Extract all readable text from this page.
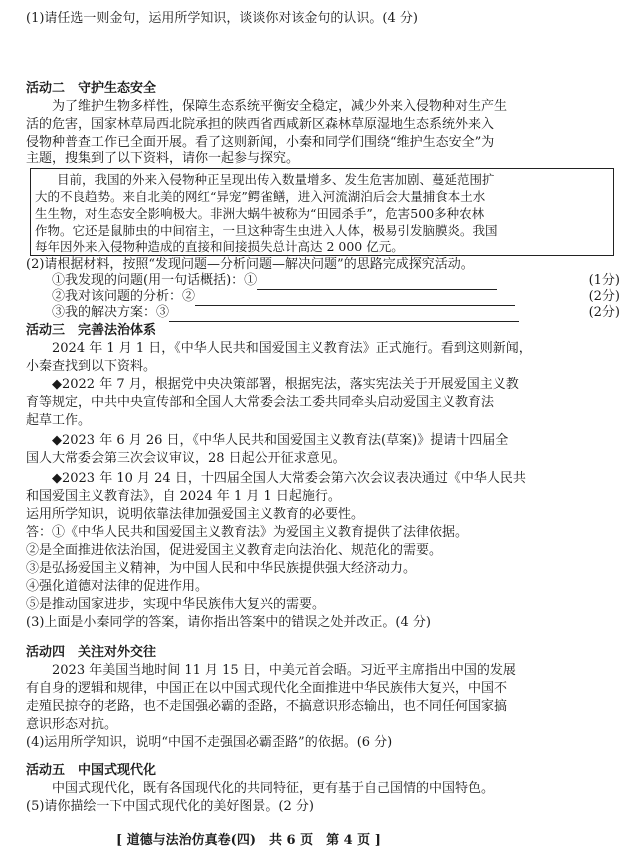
(1)请任选一则金句，运用所学知识，谈谈你对该金句的认识。(4 分)
活动二　守护生态安全
为了维护生物多样性，保障生态系统平衡安全稳定，减少外来入侵物种对生产生
活的危害，国家林草局西北院承担的陕西省西咸新区森林草原湿地生态系统外来入
侵物种普查工作已全面开展。看了这则新闻，小秦和同学们围绕“维护生态安全”为
主题，搜集到了以下资料，请你一起参与探究。
目前，我国的外来入侵物种正呈现出传入数量增多、发生危害加剧、蔓延范围扩
大的不良趋势。来自北美的网红“异宠”鳄雀鳝，进入河流湖泊后会大量捕食本土水
生生物，对生态安全影响极大。非洲大蜗牛被称为“田园杀手”，危害500多种农林
作物。它还是鼠肺虫的中间宿主，一旦这种寄生虫进入人体，极易引发脑膜炎。我国
每年因外来入侵物种造成的直接和间接损失总计高达 2 000 亿元。
(2)请根据材料，按照“发现问题—分析问题—解决问题”的思路完成探究活动。
①我发现的问题(用一句话概括)：①	(1分)
②我对该问题的分析：②	(2分)
③我的解决方案：③	(2分)
活动三　完善法治体系
2024 年 1 月 1 日，《中华人民共和国爱国主义教育法》正式施行。看到这则新闻，
小秦查找到以下资料。
◆2022 年 7 月，根据党中央决策部署，根据宪法，落实宪法关于开展爱国主义教
育等规定，中共中央宣传部和全国人大常委会法工委共同牵头启动爱国主义教育法
起草工作。
◆2023 年 6 月 26 日，《中华人民共和国爱国主义教育法(草案)》提请十四届全
国人大常委会第三次会议审议，28 日起公开征求意见。
◆2023 年 10 月 24 日，十四届全国人大常委会第六次会议表决通过《中华人民共
和国爱国主义教育法》，自 2024 年 1 月 1 日起施行。
运用所学知识，说明依靠法律加强爱国主义教育的必要性。
答：①《中华人民共和国爱国主义教育法》为爱国主义教育提供了法律依据。
②是全面推进依法治国，促进爱国主义教育走向法治化、规范化的需要。
③是弘扬爱国主义精神，为中国人民和中华民族提供强大经济动力。
④强化道德对法律的促进作用。
⑤是推动国家进步，实现中华民族伟大复兴的需要。
(3)上面是小秦同学的答案，请你指出答案中的错误之处并改正。(4 分)
活动四　关注对外交往
2023 年美国当地时间 11 月 15 日，中美元首会晤。习近平主席指出中国的发展
有自身的逻辑和规律，中国正在以中国式现代化全面推进中华民族伟大复兴，中国不
走殖民掠夺的老路，也不走国强必霸的歪路，不搞意识形态输出，也不同任何国家搞
意识形态对抗。
(4)运用所学知识，说明“中国不走强国必霸歪路”的依据。(6 分)
活动五　中国式现代化
中国式现代化，既有各国现代化的共同特征，更有基于自己国情的中国特色。
(5)请你描绘一下中国式现代化的美好图景。(2 分)
[ 道德与法治仿真卷(四)　共 6 页　第 4 页 ]
